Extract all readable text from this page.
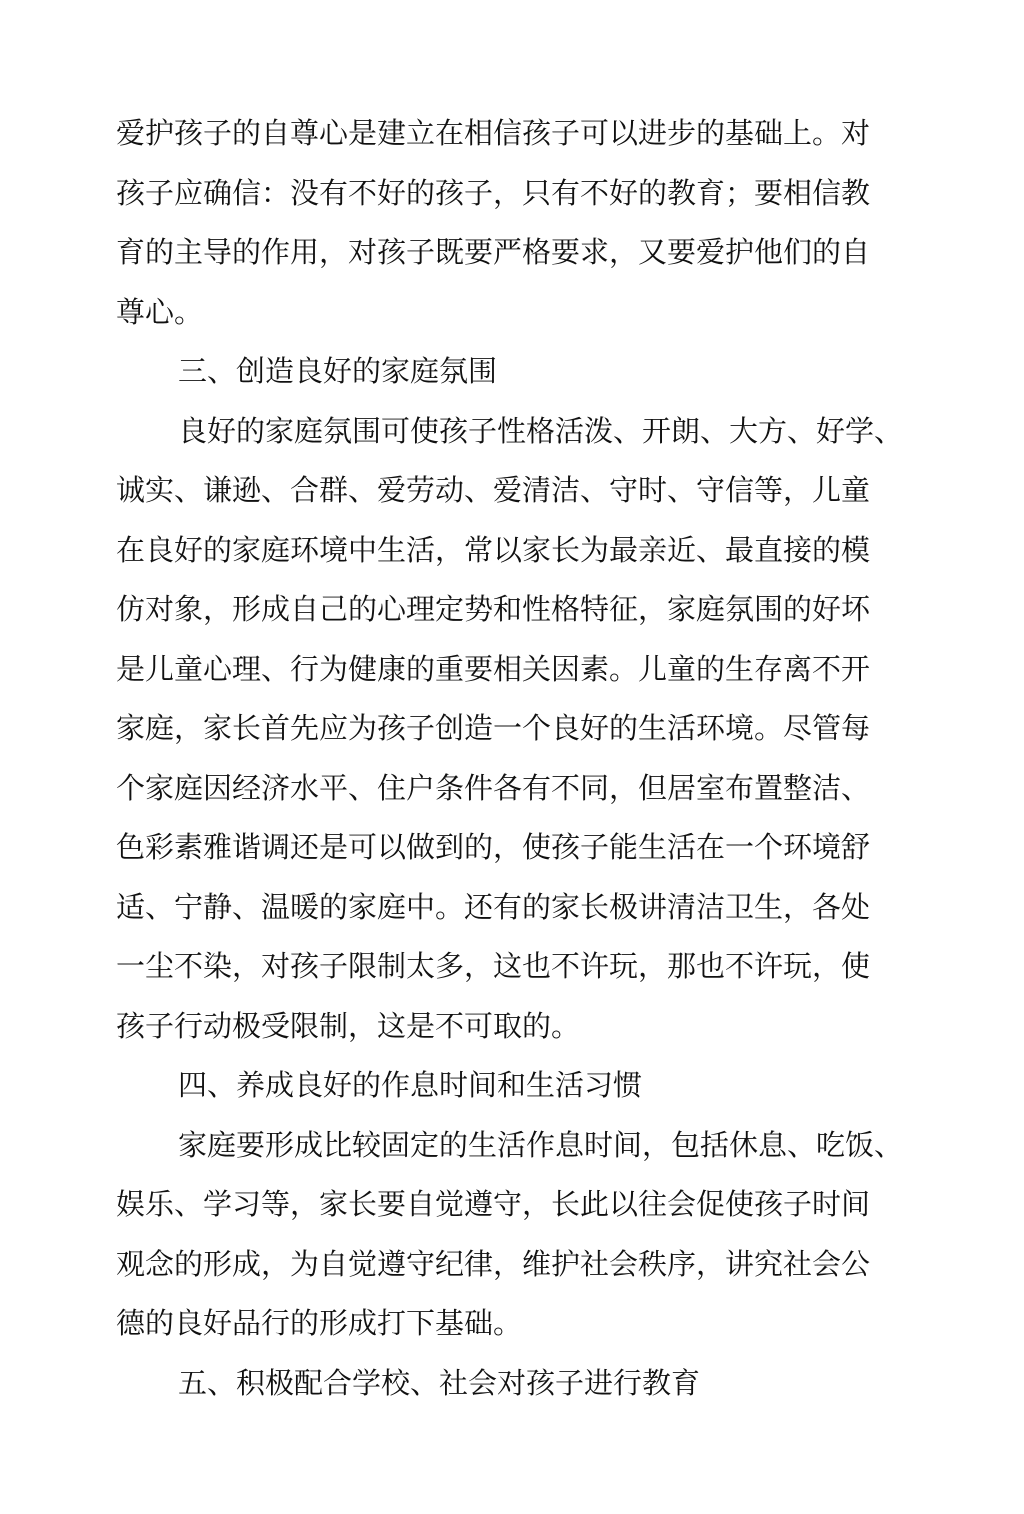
爱护孩子的自尊心是建立在相信孩子可以进步的基础上。对

孩子应确信：没有不好的孩子，只有不好的教育；要相信教

育的主导的作用，对孩子既要严格要求，又要爱护他们的自

尊心。

三、创造良好的家庭氛围

良好的家庭氛围可使孩子性格活泼、开朗、大方、好学、

诚实、谦逊、合群、爱劳动、爱清洁、守时、守信等，儿童

在良好的家庭环境中生活，常以家长为最亲近、最直接的模

仿对象，形成自己的心理定势和性格特征，家庭氛围的好坏

是儿童心理、行为健康的重要相关因素。儿童的生存离不开

家庭，家长首先应为孩子创造一个良好的生活环境。尽管每

个家庭因经济水平、住户条件各有不同，但居室布置整洁、

色彩素雅谐调还是可以做到的，使孩子能生活在一个环境舒

适、宁静、温暖的家庭中。还有的家长极讲清洁卫生，各处

一尘不染，对孩子限制太多，这也不许玩，那也不许玩，使

孩子行动极受限制，这是不可取的。

四、养成良好的作息时间和生活习惯

家庭要形成比较固定的生活作息时间，包括休息、吃饭、

娱乐、学习等，家长要自觉遵守，长此以往会促使孩子时间

观念的形成，为自觉遵守纪律，维护社会秩序，讲究社会公

德的良好品行的形成打下基础。

五、积极配合学校、社会对孩子进行教育
